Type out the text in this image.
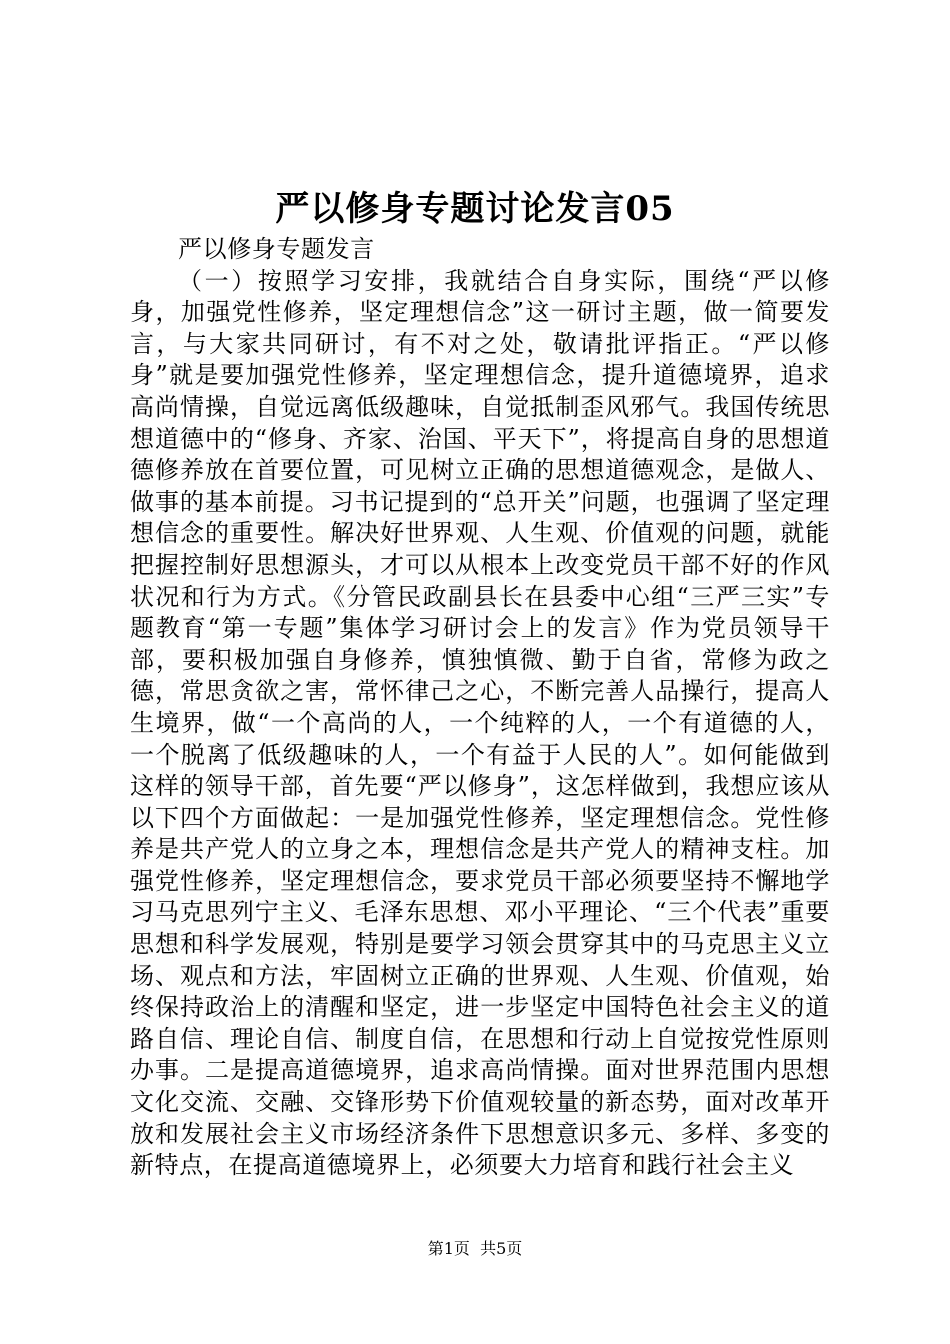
严以修身专题讨论发言05

严以修身专题发言

（一）按照学习安排，我就结合自身实际，围绕“严以修身，加强党性修养，坚定理想信念”这一研讨主题，做一简要发言，与大家共同研讨，有不对之处，敬请批评指正。“严以修身”就是要加强党性修养，坚定理想信念，提升道德境界，追求高尚情操，自觉远离低级趣味，自觉抵制歪风邪气。我国传统思想道德中的“修身、齐家、治国、平天下”，将提高自身的思想道德修养放在首要位置，可见树立正确的思想道德观念，是做人、做事的基本前提。习书记提到的“总开关”问题，也强调了坚定理想信念的重要性。解决好世界观、人生观、价值观的问题，就能把握控制好思想源头，才可以从根本上改变党员干部不好的作风状况和行为方式。《分管民政副县长在县委中心组“三严三实”专题教育“第一专题”集体学习研讨会上的发言》作为党员领导干部，要积极加强自身修养，慎独慎微、勤于自省，常修为政之德，常思贪欲之害，常怀律己之心，不断完善人品操行，提高人生境界，做“一个高尚的人，一个纯粹的人，一个有道德的人，一个脱离了低级趣味的人，一个有益于人民的人”。如何能做到这样的领导干部，首先要“严以修身”，这怎样做到，我想应该从以下四个方面做起：一是加强党性修养，坚定理想信念。党性修养是共产党人的立身之本，理想信念是共产党人的精神支柱。加强党性修养，坚定理想信念，要求党员干部必须要坚持不懈地学习马克思列宁主义、毛泽东思想、邓小平理论、“三个代表”重要思想和科学发展观，特别是要学习领会贯穿其中的马克思主义立场、观点和方法，牢固树立正确的世界观、人生观、价值观，始终保持政治上的清醒和坚定，进一步坚定中国特色社会主义的道路自信、理论自信、制度自信，在思想和行动上自觉按党性原则办事。二是提高道德境界，追求高尚情操。面对世界范围内思想文化交流、交融、交锋形势下价值观较量的新态势，面对改革开放和发展社会主义市场经济条件下思想意识多元、多样、多变的新特点，在提高道德境界上，必须要大力培育和践行社会主义

第1页 共5页
